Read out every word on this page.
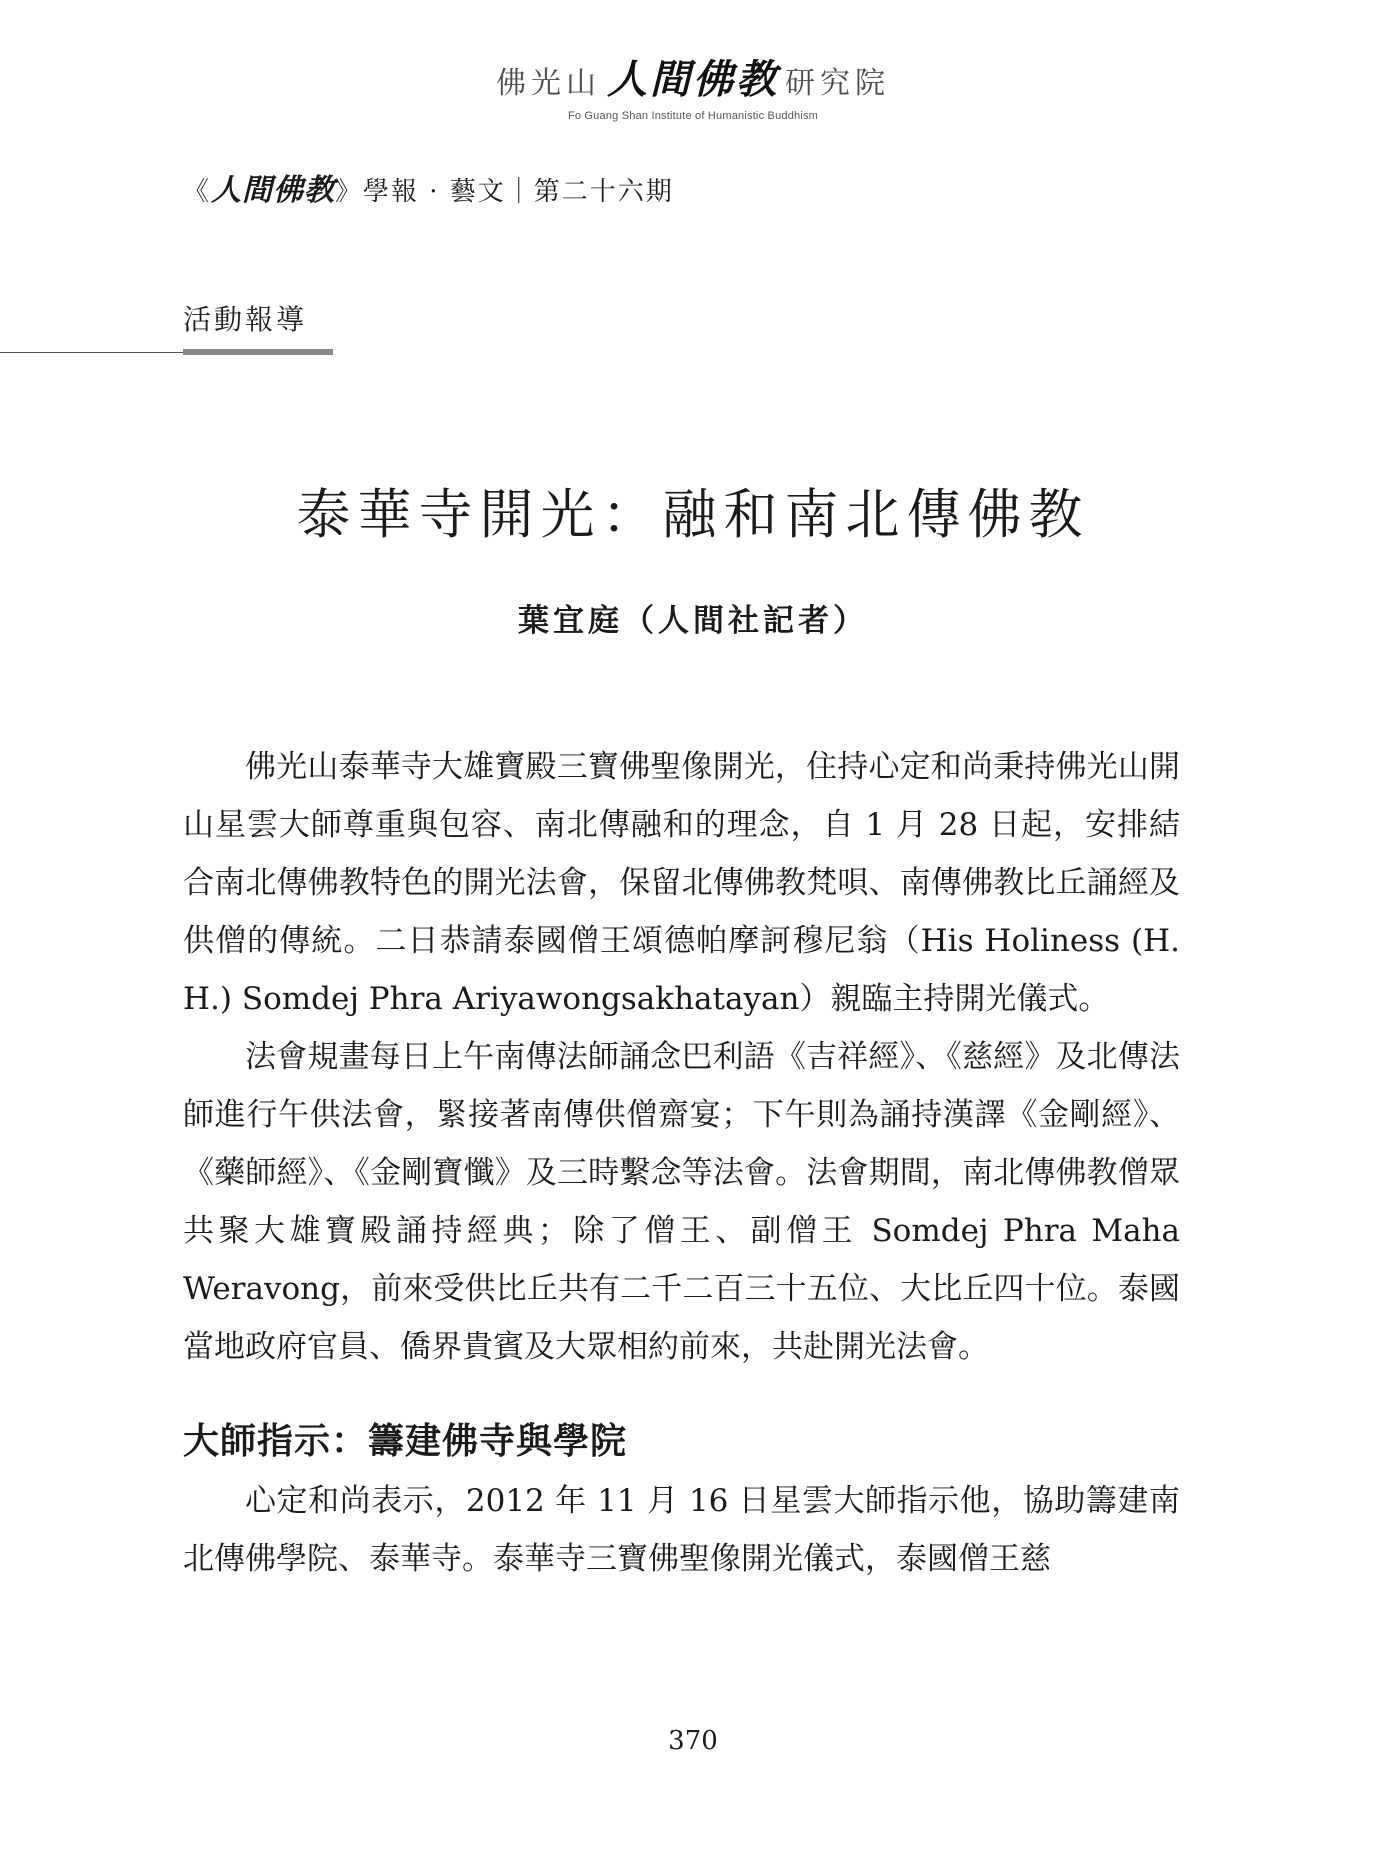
佛光山 人間佛教 研究院
Fo Guang Shan Institute of Humanistic Buddhism
《人間佛教》學報 · 藝文｜第二十六期
活動報導
泰華寺開光：融和南北傳佛教
葉宜庭（人間社記者）

佛光山泰華寺大雄寶殿三寶佛聖像開光，住持心定和尚秉持佛光山開山星雲大師尊重與包容、南北傳融和的理念，自 1 月 28 日起，安排結合南北傳佛教特色的開光法會，保留北傳佛教梵唄、南傳佛教比丘誦經及供僧的傳統。二日恭請泰國僧王頌德帕摩訶穆尼翁（His Holiness (H. H.) Somdej Phra Ariyawongsakhatayan）親臨主持開光儀式。

法會規畫每日上午南傳法師誦念巴利語《吉祥經》、《慈經》及北傳法師進行午供法會，緊接著南傳供僧齋宴；下午則為誦持漢譯《金剛經》、《藥師經》、《金剛寶懺》及三時繫念等法會。法會期間，南北傳佛教僧眾共聚大雄寶殿誦持經典；除了僧王、副僧王 Somdej Phra Maha Weravong，前來受供比丘共有二千二百三十五位、大比丘四十位。泰國當地政府官員、僑界貴賓及大眾相約前來，共赴開光法會。

大師指示：籌建佛寺與學院

心定和尚表示，2012 年 11 月 16 日星雲大師指示他，協助籌建南北傳佛學院、泰華寺。泰華寺三寶佛聖像開光儀式，泰國僧王慈

370
